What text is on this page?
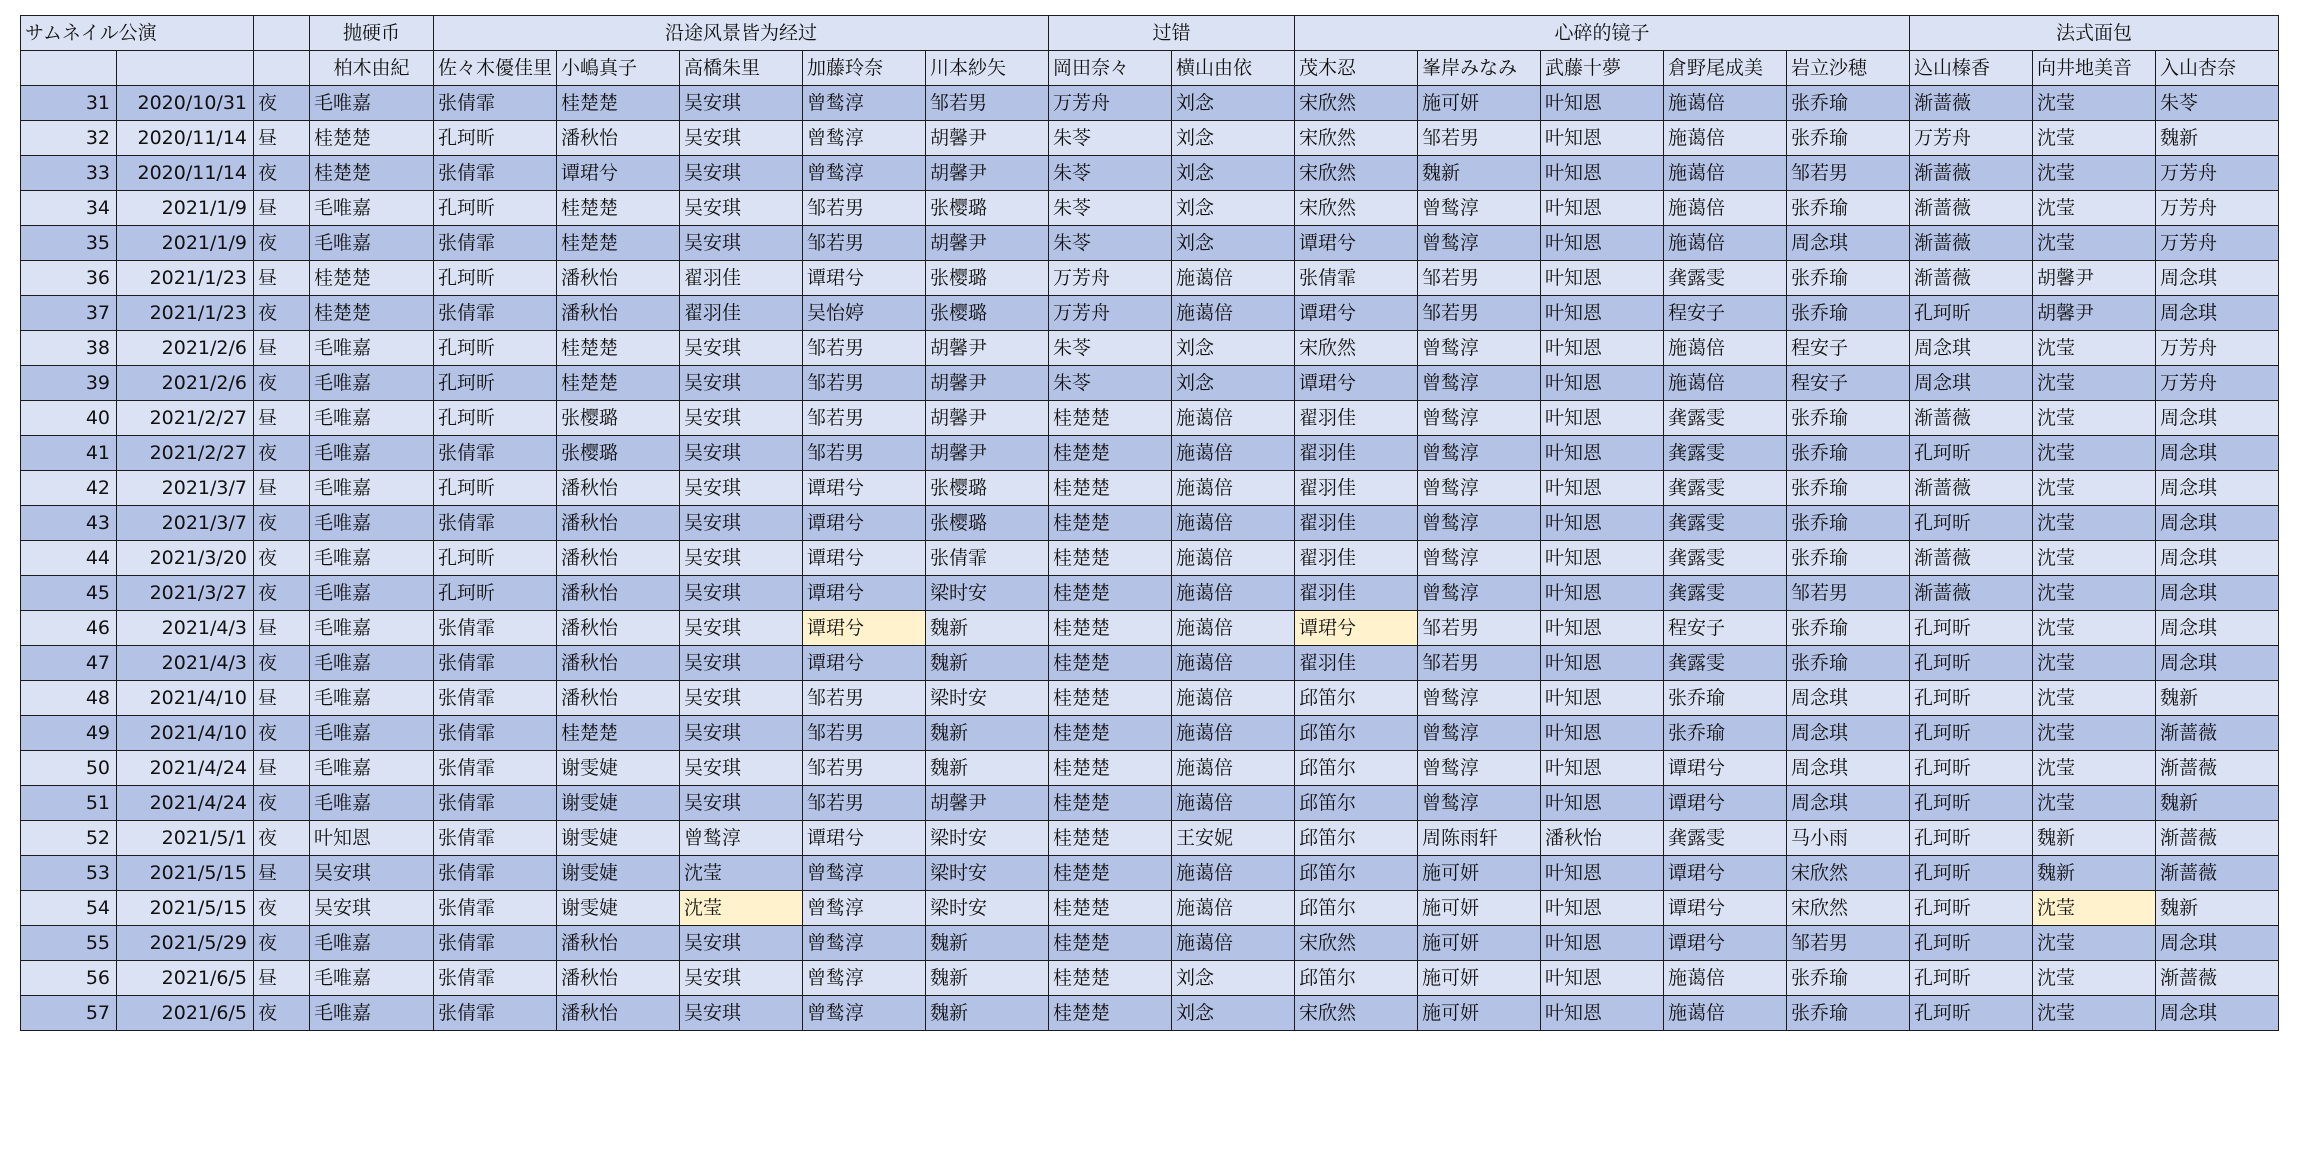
サムネイル公演			抛硬币	沿途风景皆为经过					过错		心碎的镜子					法式面包		
			柏木由紀	佐々木優佳里	小嶋真子	高橋朱里	加藤玲奈	川本紗矢	岡田奈々	横山由依	茂木忍	峯岸みなみ	武藤十夢	倉野尾成美	岩立沙穂	込山榛香	向井地美音	入山杏奈
31	2020/10/31	夜	毛唯嘉	张倩霏	桂楚楚	吴安琪	曾鹙淳	邹若男	万芳舟	刘念	宋欣然	施可妍	叶知恩	施蔼倍	张乔瑜	渐蔷薇	沈莹	朱苓
32	2020/11/14	昼	桂楚楚	孔珂昕	潘秋怡	吴安琪	曾鹙淳	胡馨尹	朱苓	刘念	宋欣然	邹若男	叶知恩	施蔼倍	张乔瑜	万芳舟	沈莹	魏新
33	2020/11/14	夜	桂楚楚	张倩霏	谭珺兮	吴安琪	曾鹙淳	胡馨尹	朱苓	刘念	宋欣然	魏新	叶知恩	施蔼倍	邹若男	渐蔷薇	沈莹	万芳舟
34	2021/1/9	昼	毛唯嘉	孔珂昕	桂楚楚	吴安琪	邹若男	张樱璐	朱苓	刘念	宋欣然	曾鹙淳	叶知恩	施蔼倍	张乔瑜	渐蔷薇	沈莹	万芳舟
35	2021/1/9	夜	毛唯嘉	张倩霏	桂楚楚	吴安琪	邹若男	胡馨尹	朱苓	刘念	谭珺兮	曾鹙淳	叶知恩	施蔼倍	周念琪	渐蔷薇	沈莹	万芳舟
36	2021/1/23	昼	桂楚楚	孔珂昕	潘秋怡	翟羽佳	谭珺兮	张樱璐	万芳舟	施蔼倍	张倩霏	邹若男	叶知恩	龚露雯	张乔瑜	渐蔷薇	胡馨尹	周念琪
37	2021/1/23	夜	桂楚楚	张倩霏	潘秋怡	翟羽佳	吴怡婷	张樱璐	万芳舟	施蔼倍	谭珺兮	邹若男	叶知恩	程安子	张乔瑜	孔珂昕	胡馨尹	周念琪
38	2021/2/6	昼	毛唯嘉	孔珂昕	桂楚楚	吴安琪	邹若男	胡馨尹	朱苓	刘念	宋欣然	曾鹙淳	叶知恩	施蔼倍	程安子	周念琪	沈莹	万芳舟
39	2021/2/6	夜	毛唯嘉	孔珂昕	桂楚楚	吴安琪	邹若男	胡馨尹	朱苓	刘念	谭珺兮	曾鹙淳	叶知恩	施蔼倍	程安子	周念琪	沈莹	万芳舟
40	2021/2/27	昼	毛唯嘉	孔珂昕	张樱璐	吴安琪	邹若男	胡馨尹	桂楚楚	施蔼倍	翟羽佳	曾鹙淳	叶知恩	龚露雯	张乔瑜	渐蔷薇	沈莹	周念琪
41	2021/2/27	夜	毛唯嘉	张倩霏	张樱璐	吴安琪	邹若男	胡馨尹	桂楚楚	施蔼倍	翟羽佳	曾鹙淳	叶知恩	龚露雯	张乔瑜	孔珂昕	沈莹	周念琪
42	2021/3/7	昼	毛唯嘉	孔珂昕	潘秋怡	吴安琪	谭珺兮	张樱璐	桂楚楚	施蔼倍	翟羽佳	曾鹙淳	叶知恩	龚露雯	张乔瑜	渐蔷薇	沈莹	周念琪
43	2021/3/7	夜	毛唯嘉	张倩霏	潘秋怡	吴安琪	谭珺兮	张樱璐	桂楚楚	施蔼倍	翟羽佳	曾鹙淳	叶知恩	龚露雯	张乔瑜	孔珂昕	沈莹	周念琪
44	2021/3/20	夜	毛唯嘉	孔珂昕	潘秋怡	吴安琪	谭珺兮	张倩霏	桂楚楚	施蔼倍	翟羽佳	曾鹙淳	叶知恩	龚露雯	张乔瑜	渐蔷薇	沈莹	周念琪
45	2021/3/27	夜	毛唯嘉	孔珂昕	潘秋怡	吴安琪	谭珺兮	梁时安	桂楚楚	施蔼倍	翟羽佳	曾鹙淳	叶知恩	龚露雯	邹若男	渐蔷薇	沈莹	周念琪
46	2021/4/3	昼	毛唯嘉	张倩霏	潘秋怡	吴安琪	谭珺兮	魏新	桂楚楚	施蔼倍	谭珺兮	邹若男	叶知恩	程安子	张乔瑜	孔珂昕	沈莹	周念琪
47	2021/4/3	夜	毛唯嘉	张倩霏	潘秋怡	吴安琪	谭珺兮	魏新	桂楚楚	施蔼倍	翟羽佳	邹若男	叶知恩	龚露雯	张乔瑜	孔珂昕	沈莹	周念琪
48	2021/4/10	昼	毛唯嘉	张倩霏	潘秋怡	吴安琪	邹若男	梁时安	桂楚楚	施蔼倍	邱笛尔	曾鹙淳	叶知恩	张乔瑜	周念琪	孔珂昕	沈莹	魏新
49	2021/4/10	夜	毛唯嘉	张倩霏	桂楚楚	吴安琪	邹若男	魏新	桂楚楚	施蔼倍	邱笛尔	曾鹙淳	叶知恩	张乔瑜	周念琪	孔珂昕	沈莹	渐蔷薇
50	2021/4/24	昼	毛唯嘉	张倩霏	谢雯婕	吴安琪	邹若男	魏新	桂楚楚	施蔼倍	邱笛尔	曾鹙淳	叶知恩	谭珺兮	周念琪	孔珂昕	沈莹	渐蔷薇
51	2021/4/24	夜	毛唯嘉	张倩霏	谢雯婕	吴安琪	邹若男	胡馨尹	桂楚楚	施蔼倍	邱笛尔	曾鹙淳	叶知恩	谭珺兮	周念琪	孔珂昕	沈莹	魏新
52	2021/5/1	夜	叶知恩	张倩霏	谢雯婕	曾鹙淳	谭珺兮	梁时安	桂楚楚	王安妮	邱笛尔	周陈雨轩	潘秋怡	龚露雯	马小雨	孔珂昕	魏新	渐蔷薇
53	2021/5/15	昼	吴安琪	张倩霏	谢雯婕	沈莹	曾鹙淳	梁时安	桂楚楚	施蔼倍	邱笛尔	施可妍	叶知恩	谭珺兮	宋欣然	孔珂昕	魏新	渐蔷薇
54	2021/5/15	夜	吴安琪	张倩霏	谢雯婕	沈莹	曾鹙淳	梁时安	桂楚楚	施蔼倍	邱笛尔	施可妍	叶知恩	谭珺兮	宋欣然	孔珂昕	沈莹	魏新
55	2021/5/29	夜	毛唯嘉	张倩霏	潘秋怡	吴安琪	曾鹙淳	魏新	桂楚楚	施蔼倍	宋欣然	施可妍	叶知恩	谭珺兮	邹若男	孔珂昕	沈莹	周念琪
56	2021/6/5	昼	毛唯嘉	张倩霏	潘秋怡	吴安琪	曾鹙淳	魏新	桂楚楚	刘念	邱笛尔	施可妍	叶知恩	施蔼倍	张乔瑜	孔珂昕	沈莹	渐蔷薇
57	2021/6/5	夜	毛唯嘉	张倩霏	潘秋怡	吴安琪	曾鹙淳	魏新	桂楚楚	刘念	宋欣然	施可妍	叶知恩	施蔼倍	张乔瑜	孔珂昕	沈莹	周念琪
